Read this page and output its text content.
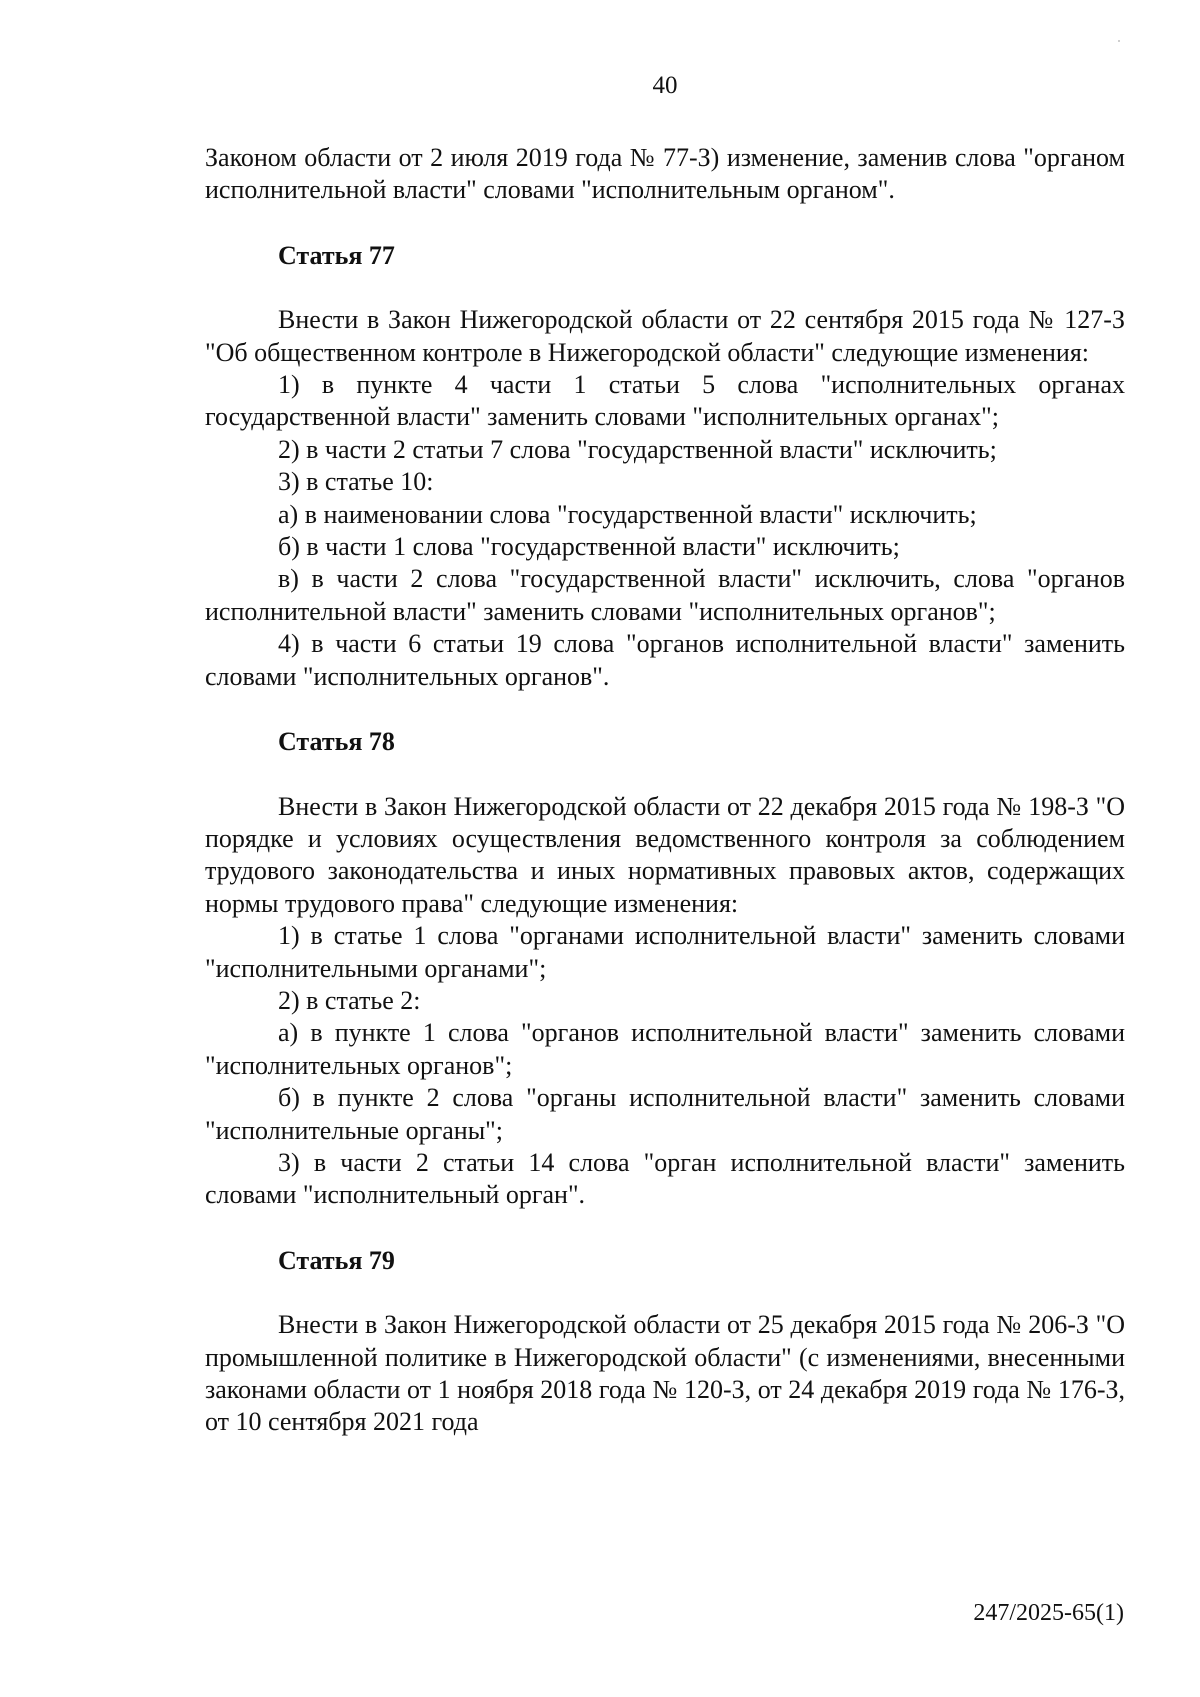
40

Законом области от 2 июля 2019 года № 77-З) изменение, заменив слова "органом исполнительной власти" словами "исполнительным органом".

Статья 77

Внести в Закон Нижегородской области от 22 сентября 2015 года № 127-З "Об общественном контроле в Нижегородской области" следующие изменения:

1) в пункте 4 части 1 статьи 5 слова "исполнительных органах государственной власти" заменить словами "исполнительных органах";

2) в части 2 статьи 7 слова "государственной власти" исключить;

3) в статье 10:

а) в наименовании слова "государственной власти" исключить;

б) в части 1 слова "государственной власти" исключить;

в) в части 2 слова "государственной власти" исключить, слова "органов исполнительной власти" заменить словами "исполнительных органов";

4) в части 6 статьи 19 слова "органов исполнительной власти" заменить словами "исполнительных органов".

Статья 78

Внести в Закон Нижегородской области от 22 декабря 2015 года № 198-З "О порядке и условиях осуществления ведомственного контроля за соблюдением трудового законодательства и иных нормативных правовых актов, содержащих нормы трудового права" следующие изменения:

1) в статье 1 слова "органами исполнительной власти" заменить словами "исполнительными органами";

2) в статье 2:

а) в пункте 1 слова "органов исполнительной власти" заменить словами "исполнительных органов";

б) в пункте 2 слова "органы исполнительной власти" заменить словами "исполнительные органы";

3) в части 2 статьи 14 слова "орган исполнительной власти" заменить словами "исполнительный орган".

Статья 79

Внести в Закон Нижегородской области от 25 декабря 2015 года № 206-З "О промышленной политике в Нижегородской области" (с изменениями, внесенными законами области от 1 ноября 2018 года № 120-З, от 24 декабря 2019 года № 176-З, от 10 сентября 2021 года

247/2025-65(1)
